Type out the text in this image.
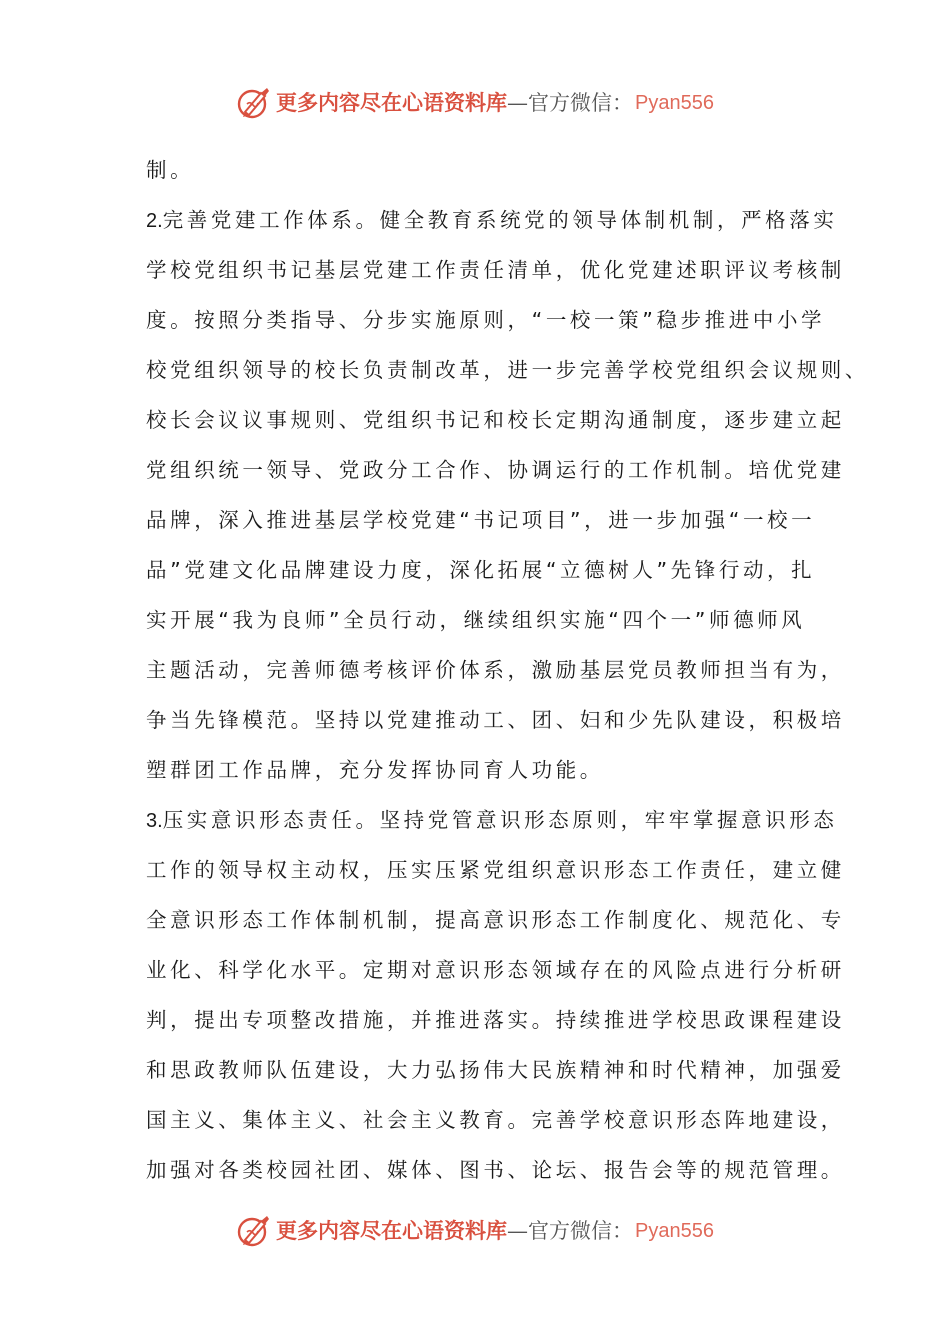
更多内容尽在心语资料库 — 官方微信： Pyan556
制。
2.完善党建工作体系。健全教育系统党的领导体制机制，严格落实
学校党组织书记基层党建工作责任清单，优化党建述职评议考核制
度。按照分类指导、分步实施原则，“一校一策”稳步推进中小学
校党组织领导的校长负责制改革，进一步完善学校党组织会议规则、
校长会议议事规则、党组织书记和校长定期沟通制度，逐步建立起
党组织统一领导、党政分工合作、协调运行的工作机制。培优党建
品牌，深入推进基层学校党建“书记项目”，进一步加强“一校一
品”党建文化品牌建设力度，深化拓展“立德树人”先锋行动，扎
实开展“我为良师”全员行动，继续组织实施“四个一”师德师风
主题活动，完善师德考核评价体系，激励基层党员教师担当有为，
争当先锋模范。坚持以党建推动工、团、妇和少先队建设，积极培
塑群团工作品牌，充分发挥协同育人功能。
3.压实意识形态责任。坚持党管意识形态原则，牢牢掌握意识形态
工作的领导权主动权，压实压紧党组织意识形态工作责任，建立健
全意识形态工作体制机制，提高意识形态工作制度化、规范化、专
业化、科学化水平。定期对意识形态领域存在的风险点进行分析研
判，提出专项整改措施，并推进落实。持续推进学校思政课程建设
和思政教师队伍建设，大力弘扬伟大民族精神和时代精神，加强爱
国主义、集体主义、社会主义教育。完善学校意识形态阵地建设，
加强对各类校园社团、媒体、图书、论坛、报告会等的规范管理。
更多内容尽在心语资料库 — 官方微信： Pyan556
